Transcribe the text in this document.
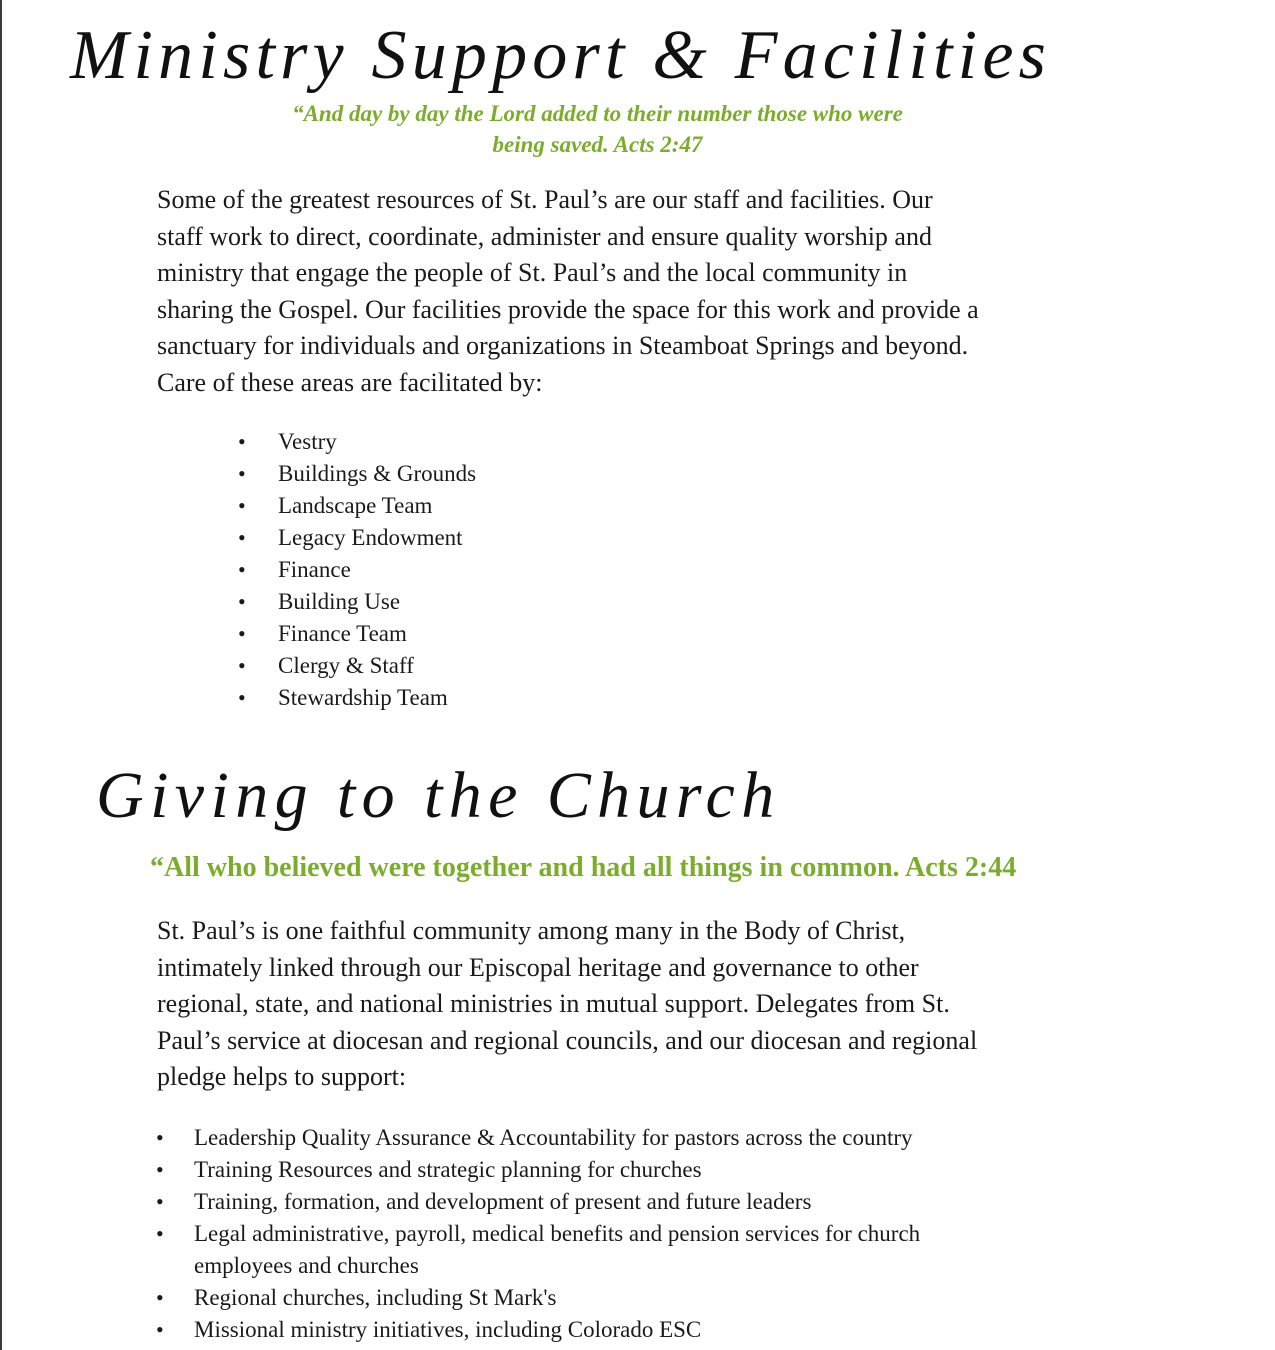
Ministry Support & Facilities

“And day by day the Lord added to their number those who were
being saved. Acts 2:47

Some of the greatest resources of St. Paul’s are our staff and facilities. Our
staff work to direct, coordinate, administer and ensure quality worship and
ministry that engage the people of St. Paul’s and the local community in
sharing the Gospel. Our facilities provide the space for this work and provide a
sanctuary for individuals and organizations in Steamboat Springs and beyond.
Care of these areas are facilitated by:

• Vestry
• Buildings & Grounds
• Landscape Team
• Legacy Endowment
• Finance
• Building Use
• Finance Team
• Clergy & Staff
• Stewardship Team
Giving to the Church

“All who believed were together and had all things in common. Acts 2:44

St. Paul’s is one faithful community among many in the Body of Christ,
intimately linked through our Episcopal heritage and governance to other
regional, state, and national ministries in mutual support. Delegates from St.
Paul’s service at diocesan and regional councils, and our diocesan and regional
pledge helps to support:

• Leadership Quality Assurance & Accountability for pastors across the country
• Training Resources and strategic planning for churches
• Training, formation, and development of present and future leaders
• Legal administrative, payroll, medical benefits and pension services for church
employees and churches
• Regional churches, including St Mark's
• Missional ministry initiatives, including Colorado ESC
